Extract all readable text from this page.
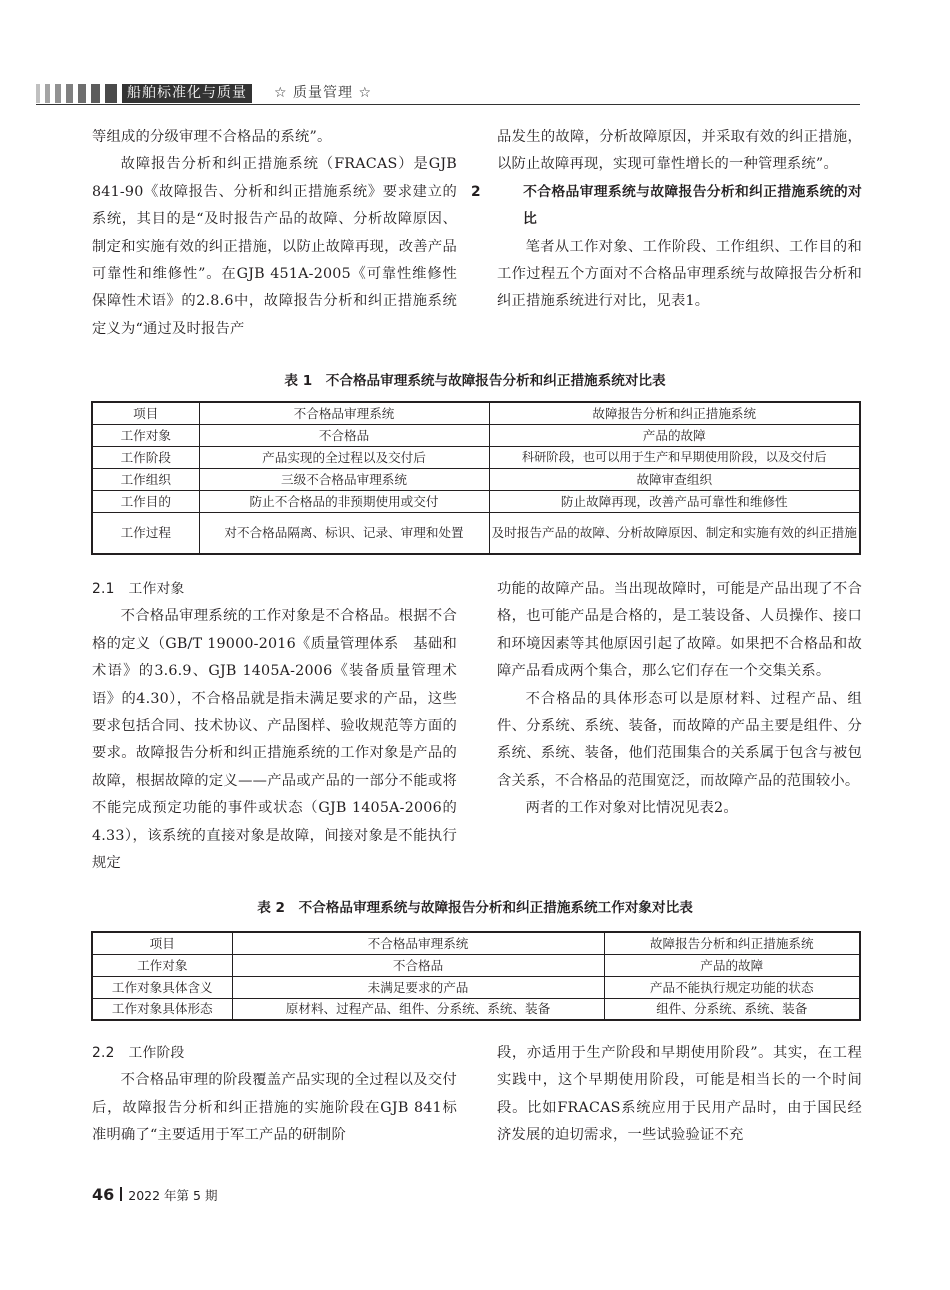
船舶标准化与质量	☆ 质量管理 ☆

等组成的分级审理不合格品的系统”。

故障报告分析和纠正措施系统（FRACAS）是GJB 841-90《故障报告、分析和纠正措施系统》要求建立的系统，其目的是“及时报告产品的故障、分析故障原因、制定和实施有效的纠正措施，以防止故障再现，改善产品可靠性和维修性”。在GJB 451A-2005《可靠性维修性保障性术语》的2.8.6中，故障报告分析和纠正措施系统定义为“通过及时报告产

品发生的故障，分析故障原因，并采取有效的纠正措施，以防止故障再现，实现可靠性增长的一种管理系统”。

2	不合格品审理系统与故障报告分析和纠正措施系统的对比

笔者从工作对象、工作阶段、工作组织、工作目的和工作过程五个方面对不合格品审理系统与故障报告分析和纠正措施系统进行对比，见表1。

表 1　不合格品审理系统与故障报告分析和纠正措施系统对比表
项目	不合格品审理系统	故障报告分析和纠正措施系统
工作对象	不合格品	产品的故障
工作阶段	产品实现的全过程以及交付后	科研阶段，也可以用于生产和早期使用阶段，以及交付后
工作组织	三级不合格品审理系统	故障审查组织
工作目的	防止不合格品的非预期使用或交付	防止故障再现，改善产品可靠性和维修性
工作过程	对不合格品隔离、标识、记录、审理和处置	及时报告产品的故障、分析故障原因、制定和实施有效的纠正措施

2.1　 工作对象

不合格品审理系统的工作对象是不合格品。根据不合格的定义（GB/T 19000-2016《质量管理体系　基础和术语》的3.6.9、GJB 1405A-2006《装备质量管理术语》的4.30），不合格品就是指未满足要求的产品，这些要求包括合同、技术协议、产品图样、验收规范等方面的要求。故障报告分析和纠正措施系统的工作对象是产品的故障，根据故障的定义——产品或产品的一部分不能或将不能完成预定功能的事件或状态（GJB 1405A-2006的4.33），该系统的直接对象是故障，间接对象是不能执行规定

功能的故障产品。当出现故障时，可能是产品出现了不合格，也可能产品是合格的，是工装设备、人员操作、接口和环境因素等其他原因引起了故障。如果把不合格品和故障产品看成两个集合，那么它们存在一个交集关系。

不合格品的具体形态可以是原材料、过程产品、组件、分系统、系统、装备，而故障的产品主要是组件、分系统、系统、装备，他们范围集合的关系属于包含与被包含关系，不合格品的范围宽泛，而故障产品的范围较小。

两者的工作对象对比情况见表2。

表 2　不合格品审理系统与故障报告分析和纠正措施系统工作对象对比表
项目	不合格品审理系统	故障报告分析和纠正措施系统
工作对象	不合格品	产品的故障
工作对象具体含义	未满足要求的产品	产品不能执行规定功能的状态
工作对象具体形态	原材料、过程产品、组件、分系统、系统、装备	组件、分系统、系统、装备

2.2　 工作阶段

不合格品审理的阶段覆盖产品实现的全过程以及交付后，故障报告分析和纠正措施的实施阶段在GJB 841标准明确了“主要适用于军工产品的研制阶

段，亦适用于生产阶段和早期使用阶段”。其实，在工程实践中，这个早期使用阶段，可能是相当长的一个时间段。比如FRACAS系统应用于民用产品时，由于国民经济发展的迫切需求，一些试验验证不充

46 2022 年第 5 期
